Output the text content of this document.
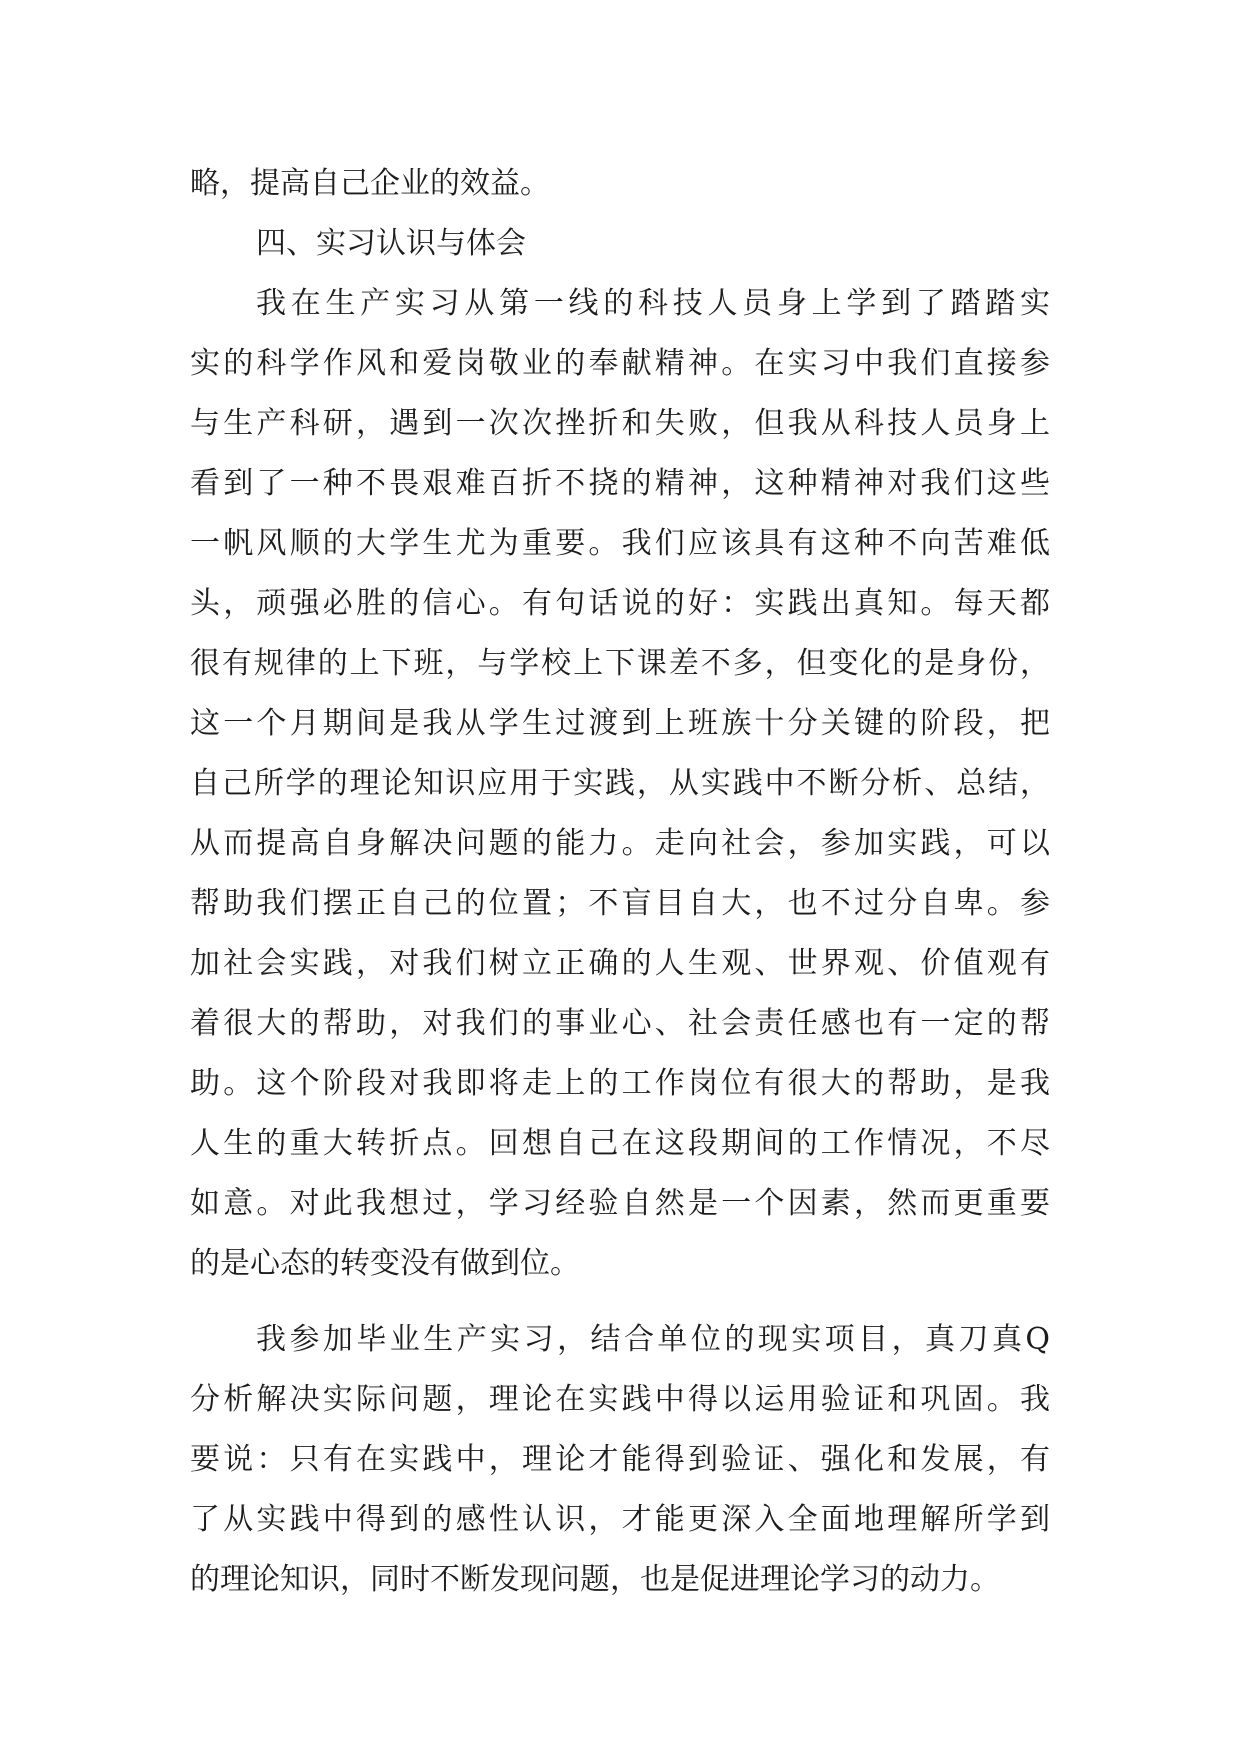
略，提高自己企业的效益。
四、实习认识与体会
我在生产实习从第一线的科技人员身上学到了踏踏实
实的科学作风和爱岗敬业的奉献精神。在实习中我们直接参
与生产科研，遇到一次次挫折和失败，但我从科技人员身上
看到了一种不畏艰难百折不挠的精神，这种精神对我们这些
一帆风顺的大学生尤为重要。我们应该具有这种不向苦难低
头，顽强必胜的信心。有句话说的好：实践出真知。每天都
很有规律的上下班，与学校上下课差不多，但变化的是身份，
这一个月期间是我从学生过渡到上班族十分关键的阶段，把
自己所学的理论知识应用于实践，从实践中不断分析、总结，
从而提高自身解决问题的能力。走向社会，参加实践，可以
帮助我们摆正自己的位置；不盲目自大，也不过分自卑。参
加社会实践，对我们树立正确的人生观、世界观、价值观有
着很大的帮助，对我们的事业心、社会责任感也有一定的帮
助。这个阶段对我即将走上的工作岗位有很大的帮助，是我
人生的重大转折点。回想自己在这段期间的工作情况，不尽
如意。对此我想过，学习经验自然是一个因素，然而更重要
的是心态的转变没有做到位。
我参加毕业生产实习，结合单位的现实项目，真刀真Q
分析解决实际问题，理论在实践中得以运用验证和巩固。我
要说：只有在实践中，理论才能得到验证、强化和发展，有
了从实践中得到的感性认识，才能更深入全面地理解所学到
的理论知识，同时不断发现问题，也是促进理论学习的动力。
